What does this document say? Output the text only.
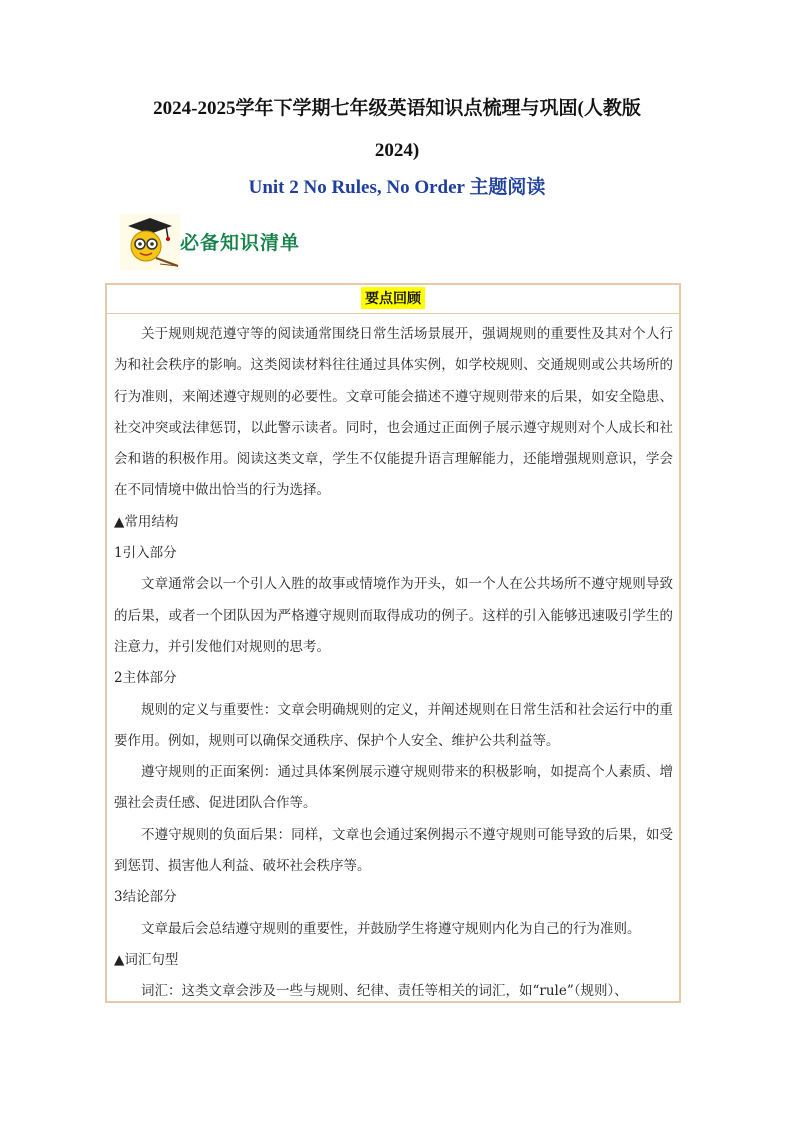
2024-2025学年下学期七年级英语知识点梳理与巩固(人教版
2024)
Unit 2 No Rules, No Order 主题阅读
必备知识清单
要点回顾

关于规则规范遵守等的阅读通常围绕日常生活场景展开，强调规则的重要性及其对个人行为和社会秩序的影响。这类阅读材料往往通过具体实例，如学校规则、交通规则或公共场所的行为准则，来阐述遵守规则的必要性。文章可能会描述不遵守规则带来的后果，如安全隐患、社交冲突或法律惩罚，以此警示读者。同时，也会通过正面例子展示遵守规则对个人成长和社会和谐的积极作用。阅读这类文章，学生不仅能提升语言理解能力，还能增强规则意识，学会在不同情境中做出恰当的行为选择。

▲常用结构

1引入部分

文章通常会以一个引人入胜的故事或情境作为开头，如一个人在公共场所不遵守规则导致的后果，或者一个团队因为严格遵守规则而取得成功的例子。这样的引入能够迅速吸引学生的注意力，并引发他们对规则的思考。

2主体部分

规则的定义与重要性：文章会明确规则的定义，并阐述规则在日常生活和社会运行中的重要作用。例如，规则可以确保交通秩序、保护个人安全、维护公共利益等。

遵守规则的正面案例：通过具体案例展示遵守规则带来的积极影响，如提高个人素质、增强社会责任感、促进团队合作等。

不遵守规则的负面后果：同样，文章也会通过案例揭示不遵守规则可能导致的后果，如受到惩罚、损害他人利益、破坏社会秩序等。

3结论部分

文章最后会总结遵守规则的重要性，并鼓励学生将遵守规则内化为自己的行为准则。

▲词汇句型

词汇：这类文章会涉及一些与规则、纪律、责任等相关的词汇，如“rule”（规则）、
